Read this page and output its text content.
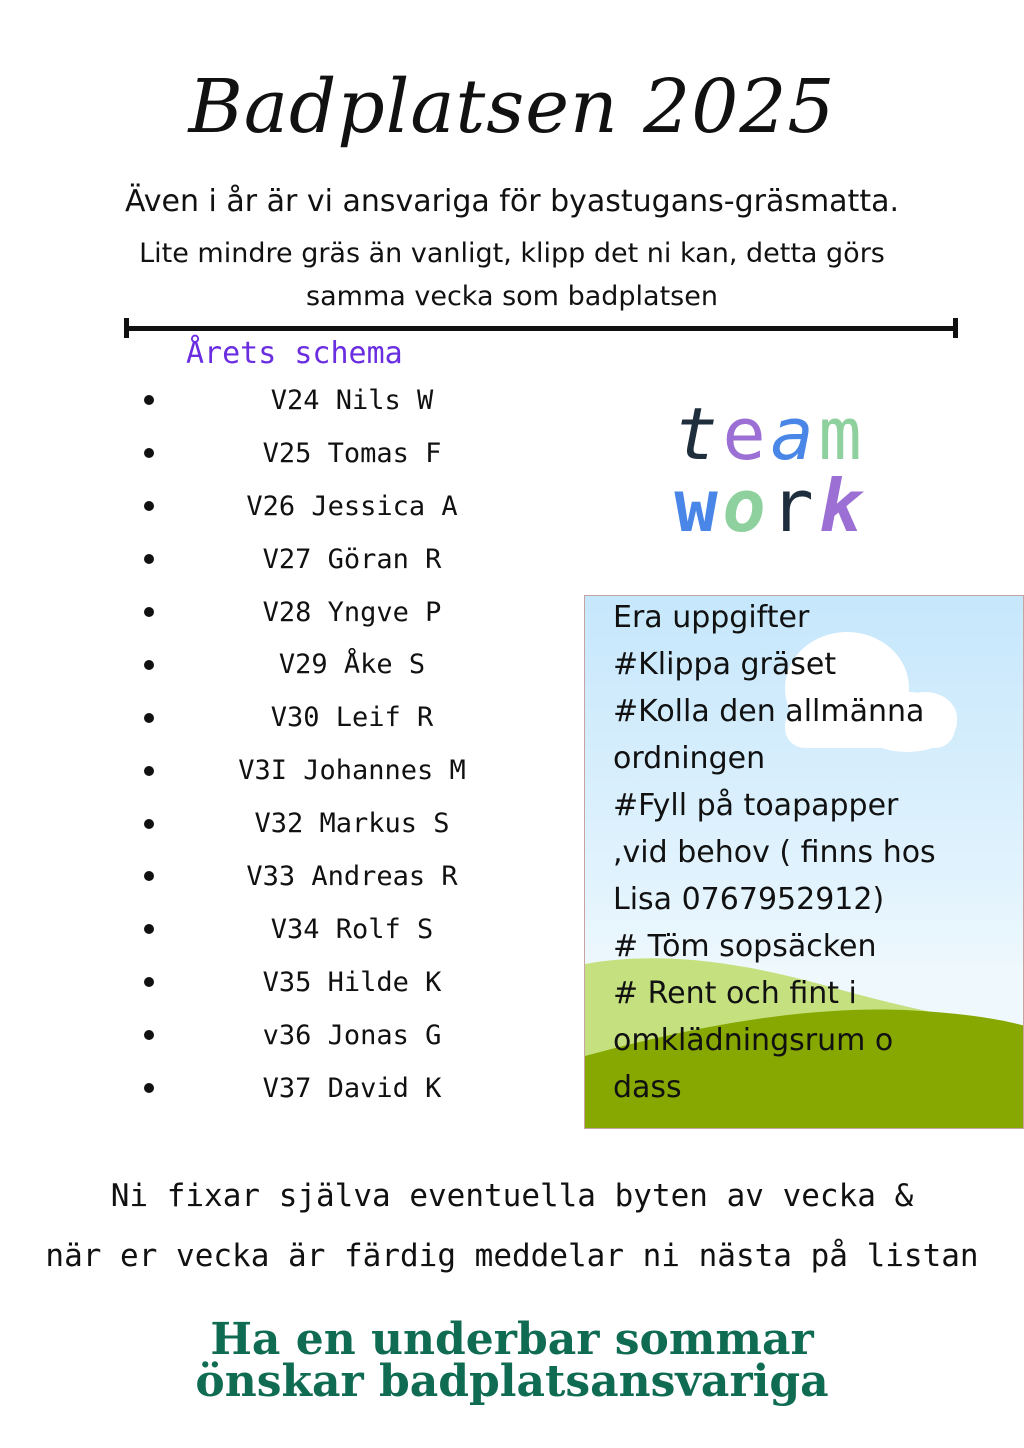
Badplatsen 2025
Även i år är vi ansvariga för byastugans-gräsmatta.
Lite mindre gräs än vanligt, klipp det ni kan, detta görs samma vecka som badplatsen
Årets schema
V24 Nils W
V25 Tomas F
V26 Jessica A
V27 Göran R
V28 Yngve P
V29 Åke S
V30 Leif R
V3I Johannes M
V32 Markus S
V33 Andreas R
V34 Rolf S
V35 Hilde K
v36 Jonas G
V37 David K
t e a m
w o r k
Era uppgifter
#Klippa gräset
#Kolla den allmänna
ordningen
#Fyll på toapapper
,vid behov ( finns hos
Lisa 0767952912)
# Töm sopsäcken
# Rent och fint i
omklädningsrum o
dass
Ni fixar själva eventuella byten av vecka &
när er vecka är färdig meddelar ni nästa på listan
Ha en underbar sommar
önskar badplatsansvariga
